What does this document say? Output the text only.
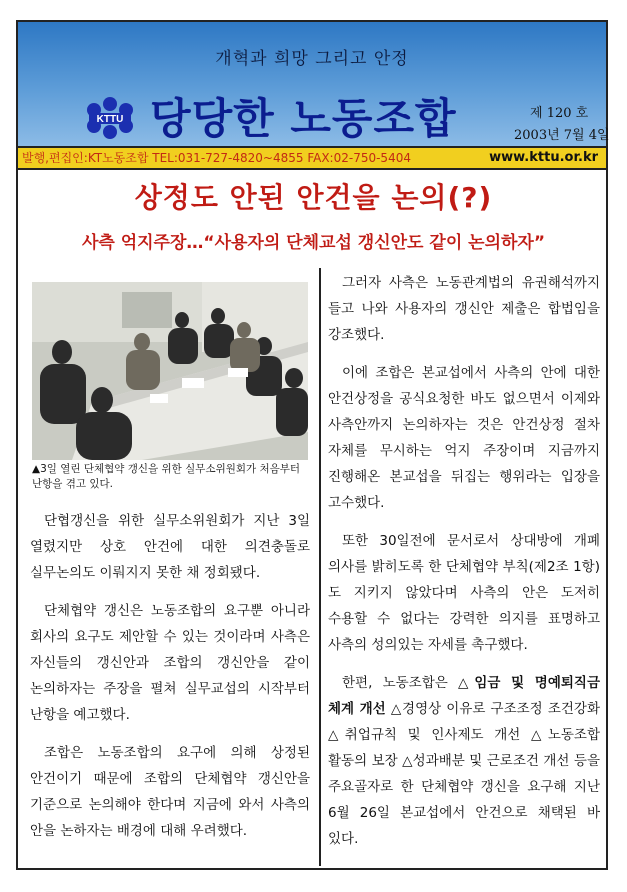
개혁과 희망 그리고 안정
KTTU 당당한 노동조합	제 120 호
2003년 7월 4일
발행,편집인:KT노동조합 TEL:031-727-4820~4855 FAX:02-750-5404	www.kttu.or.kr
상정도 안된 안건을 논의(?)
사측 억지주장…“사용자의 단체교섭 갱신안도 같이 논의하자”
▲3일 열린 단체협약 갱신을 위한 실무소위원회가 처음부터 난항을 겪고 있다.

단협갱신을 위한 실무소위원회가 지난 3일 열렸지만 상호 안건에 대한 의견충돌로 실무논의도 이뤄지지 못한 채 정회됐다.

단체협약 갱신은 노동조합의 요구뿐 아니라 회사의 요구도 제안할 수 있는 것이라며 사측은 자신들의 갱신안과 조합의 갱신안을 같이 논의하자는 주장을 펼쳐 실무교섭의 시작부터 난항을 예고했다.

조합은 노동조합의 요구에 의해 상정된 안건이기 때문에 조합의 단체협약 갱신안을 기준으로 논의해야 한다며 지금에 와서 사측의 안을 논하자는 배경에 대해 우려했다.

그러자 사측은 노동관계법의 유권해석까지 들고 나와 사용자의 갱신안 제출은 합법임을 강조했다.

이에 조합은 본교섭에서 사측의 안에 대한 안건상정을 공식요청한 바도 없으면서 이제와 사측안까지 논의하자는 것은 안건상정 절차 자체를 무시하는 억지 주장이며 지금까지 진행해온 본교섭을 뒤집는 행위라는 입장을 고수했다.

또한 30일전에 문서로서 상대방에 개폐 의사를 밝히도록 한 단체협약 부칙(제2조 1항)도 지키지 않았다며 사측의 안은 도저히 수용할 수 없다는 강력한 의지를 표명하고 사측의 성의있는 자세를 촉구했다.

한편, 노동조합은 △임금 및 명예퇴직금 체계 개선 △경영상 이유로 구조조정 조건강화 △취업규칙 및 인사제도 개선 △노동조합 활동의 보장 △성과배분 및 근로조건 개선 등을 주요골자로 한 단체협약 갱신을 요구해 지난 6월 26일 본교섭에서 안건으로 채택된 바 있다.
